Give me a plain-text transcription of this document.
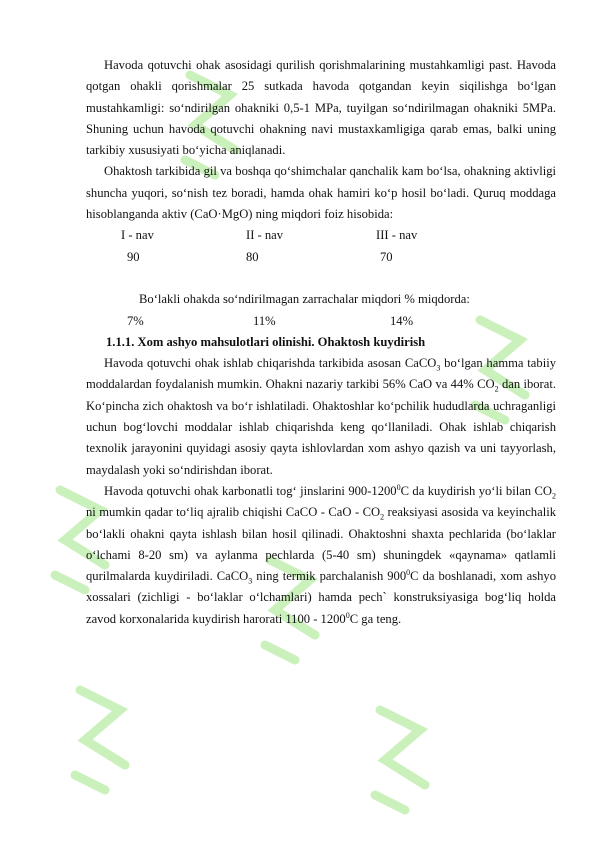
Havoda qotuvchi ohak asosidagi qurilish qorishmalarining mustahkamligi past. Havoda qotgan ohakli qorishmalar 25 sutkada havoda qotgandan keyin siqilishga bo‘lgan mustahkamligi: so‘ndirilgan ohakniki 0,5-1 MPa, tuyilgan so‘ndirilmagan ohakniki 5MPa. Shuning uchun havoda qotuvchi ohakning navi mustaxkamligiga qarab emas, balki uning tarkibiy xususiyati bo‘yicha aniqlanadi.

Ohaktosh tarkibida gil va boshqa qo‘shimchalar qanchalik kam bo‘lsa, ohakning aktivligi shuncha yuqori, so‘nish tez boradi, hamda ohak hamiri ko‘p hosil bo‘ladi. Quruq moddaga hisoblanganda aktiv (CaO·MgO) ning miqdori foiz hisobida:

I - nav	II - nav	III - nav
90	80	70

Bo‘lakli ohakda so‘ndirilmagan zarrachalar miqdori % miqdorda:

7%	11%	14%

1.1.1. Xom ashyo mahsulotlari olinishi. Ohaktosh kuydirish

Havoda qotuvchi ohak ishlab chiqarishda tarkibida asosan CaCO$_3$ bo‘lgan hamma tabiiy moddalardan foydalanish mumkin. Ohakni nazariy tarkibi 56% CaO va 44% $CO_2$ dan iborat. Ko‘pincha zich ohaktosh va bo‘r ishlatiladi. Ohaktoshlar ko‘pchilik hududlarda uchraganligi uchun bog‘lovchi moddalar ishlab chiqarishda keng qo‘llaniladi. Ohak ishlab chiqarish texnolik jarayonini quyidagi asosiy qayta ishlovlardan xom ashyo qazish va uni tayyorlash, maydalash yoki so‘ndirishdan iborat.

Havoda qotuvchi ohak karbonatli tog‘ jinslarini 900-1200$^0$C da kuydirish yo‘li bilan $CO_2$ ni mumkin qadar to‘liq ajralib chiqishi CaCO - CaO - $CO_2$ reaksiyasi asosida va keyinchalik bo‘lakli ohakni qayta ishlash bilan hosil qilinadi. Ohaktoshni shaxta pechlarida (bo‘laklar o‘lchami 8-20 sm) va aylanma pechlarda (5-40 sm) shuningdek «qaynama» qatlamli qurilmalarda kuydiriladi. CaCO$_3$ ning termik parchalanish $900^0C$ da boshlanadi, xom ashyo xossalari (zichligi - bo‘laklar o‘lchamlari) hamda pech` konstruksiyasiga bog‘liq holda zavod korxonalarida kuydirish harorati 1100 - 1200$^0$C ga teng.
